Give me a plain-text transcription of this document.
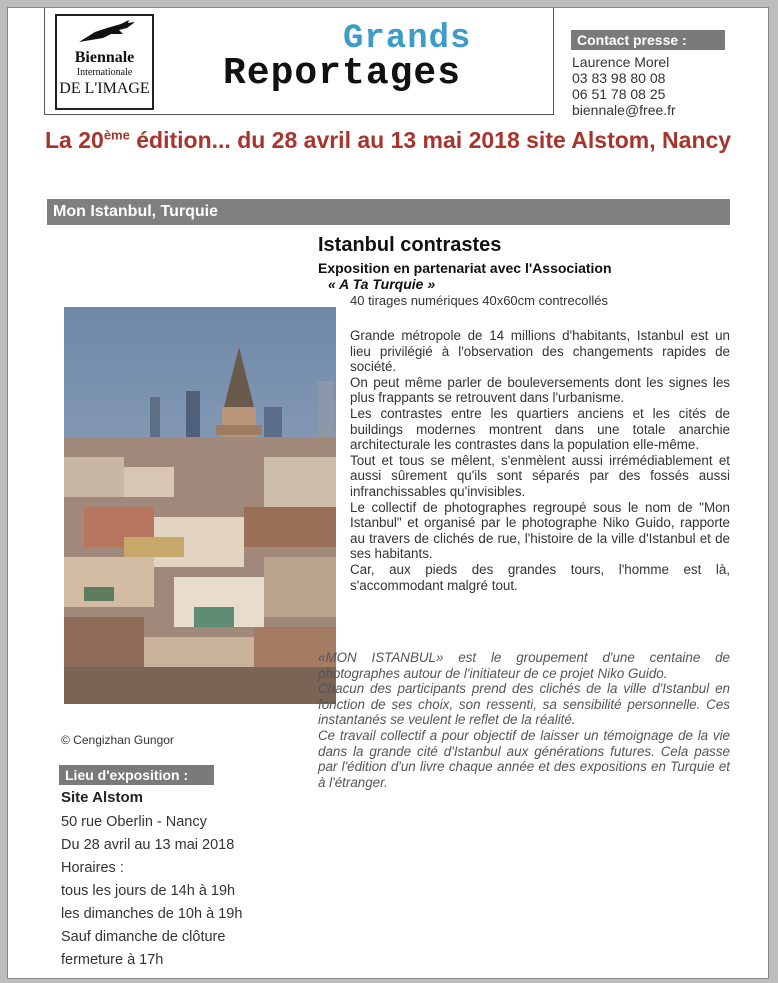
Biennale
Internationale
DE L'IMAGE
Grands
Reportages
Contact presse :
Laurence Morel
03 83 98 80 08
06 51 78 08 25
biennale@free.fr
La 20ème édition... du 28 avril au 13 mai 2018 site Alstom, Nancy
Mon Istanbul, Turquie
Istanbul contrastes
Exposition en partenariat avec l'Association
« A Ta Turquie »
40 tirages numériques 40x60cm contrecollés
© Cengizhan Gungor

Grande métropole de 14 millions d'habitants, Istanbul est un lieu privilégié à l'observation des changements rapides de société.

On peut même parler de bouleversements dont les signes les plus frappants se retrouvent dans l'urbanisme.

Les contrastes entre les quartiers anciens et les cités de buildings modernes montrent dans une totale anarchie architecturale les contrastes dans la population elle-même.

Tout et tous se mêlent, s'enmèlent aussi irrémédiablement et aussi sûrement qu'ils sont séparés par des fossés aussi infranchissables qu'invisibles.

Le collectif de photographes regroupé sous le nom de "Mon Istanbul" et organisé par le photographe Niko Guido, rapporte au travers de clichés de rue, l'histoire de la ville d'Istanbul et de ses habitants.

Car, aux pieds des grandes tours, l'homme est là, s'accommodant malgré tout.

«MON ISTANBUL» est le groupement d'une centaine de photographes autour de l'initiateur de ce projet Niko Guido.

Chacun des participants prend des clichés de la ville d'Istanbul en fonction de ses choix, son ressenti, sa sensibilité personnelle. Ces instantanés se veulent le reflet de la réalité.

Ce travail collectif a pour objectif de laisser un témoignage de la vie dans la grande cité d'Istanbul aux générations futures. Cela passe par l'édition d'un livre chaque année et des expositions en Turquie et à l'étranger.

Lieu d'exposition :
Site Alstom
50 rue Oberlin - Nancy
Du 28 avril au 13 mai 2018
Horaires :
tous les jours de 14h à 19h
les dimanches de 10h à 19h
Sauf dimanche de clôture
fermeture à 17h
